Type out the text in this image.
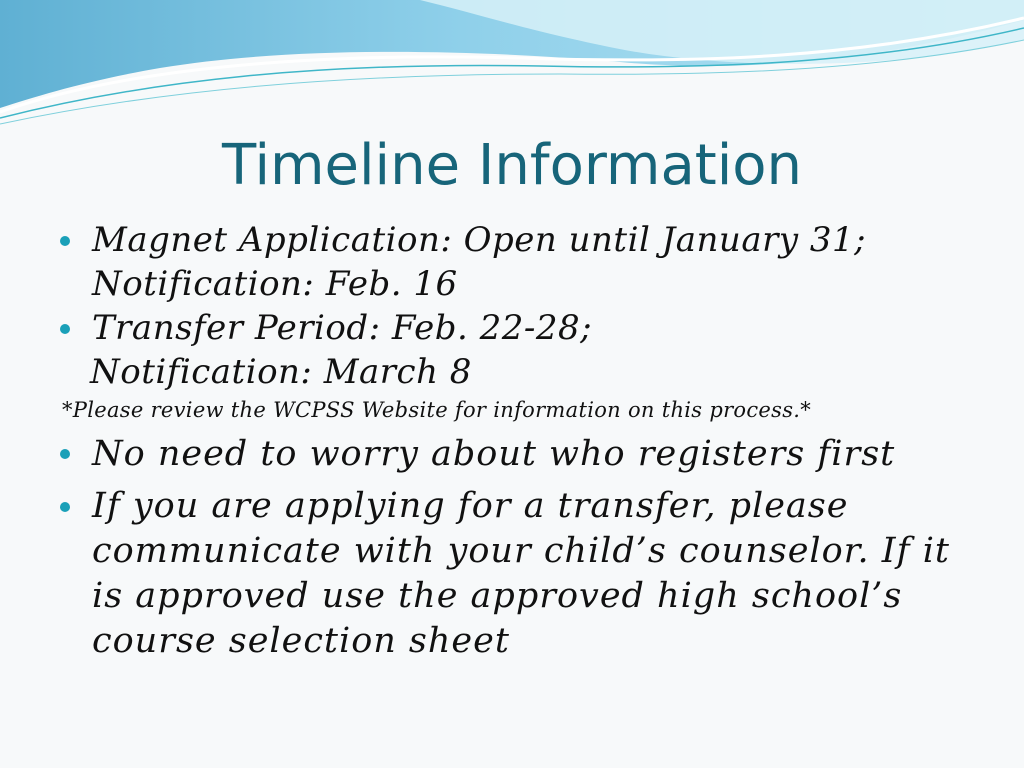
Timeline Information
Magnet Application: Open until January 31;
Notification: Feb. 16
Transfer Period: Feb. 22-28;
Notification: March 8
*Please review the WCPSS Website for information on this process.*
No need to worry about who registers first
If you are applying for a transfer, please
communicate with your child’s counselor. If it
is approved use the approved high school’s
course selection sheet
